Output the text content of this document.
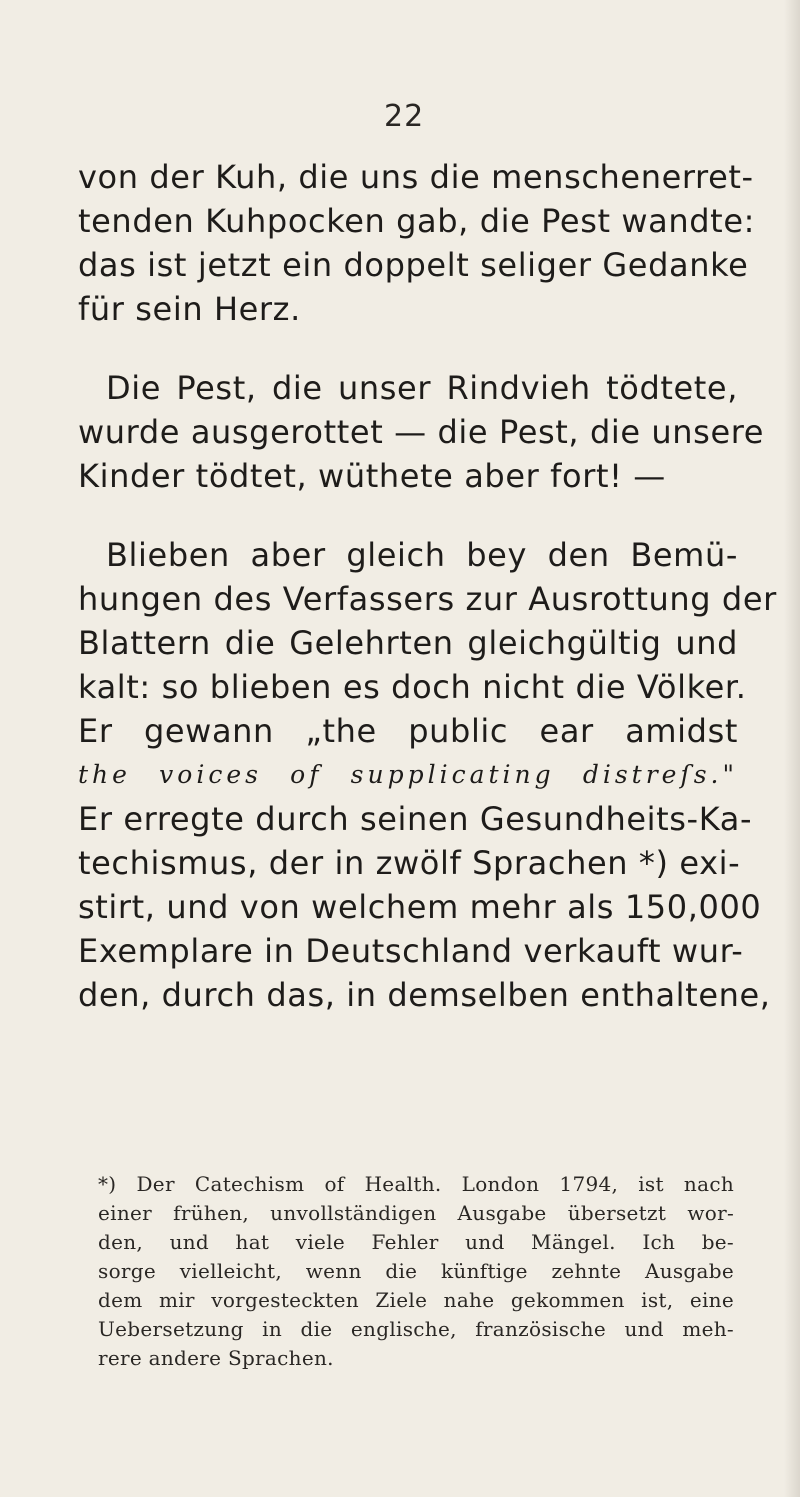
22

von der Kuh, die uns die menschenerret-
tenden Kuhpocken gab, die Pest wandte:
das ist jetzt ein doppelt seliger Gedanke
für sein Herz.

Die Pest, die unser Rindvieh tödtete,
wurde ausgerottet — die Pest, die unsere
Kinder tödtet, wüthete aber fort! —

Blieben aber gleich bey den Bemü-
hungen des Verfassers zur Ausrottung der
Blattern die Gelehrten gleichgültig und
kalt: so blieben es doch nicht die Völker.
Er gewann „the public ear amidst
the voices of supplicating distreſs."
Er erregte durch seinen Gesundheits-Ka-
techismus, der in zwölf Sprachen *) exi-
stirt, und von welchem mehr als 150,000
Exemplare in Deutschland verkauft wur-
den, durch das, in demselben enthaltene,

*) Der Catechism of Health. London 1794, ist nach
einer frühen, unvollständigen Ausgabe übersetzt wor-
den, und hat viele Fehler und Mängel. Ich be-
sorge vielleicht, wenn die künftige zehnte Ausgabe
dem mir vorgesteckten Ziele nahe gekommen ist, eine
Uebersetzung in die englische, französische und meh-
rere andere Sprachen.
